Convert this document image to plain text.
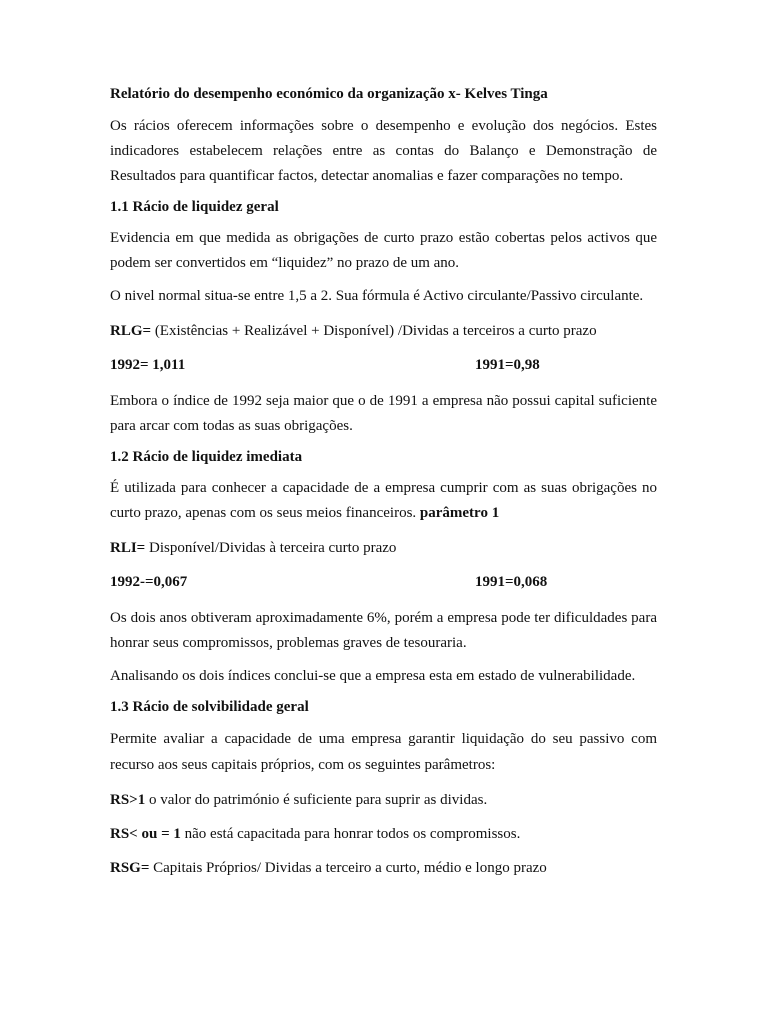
Relatório do desempenho económico da organização x- Kelves Tinga

Os rácios oferecem informações sobre o desempenho e evolução dos negócios. Estes indicadores estabelecem relações entre as contas do Balanço e Demonstração de Resultados para quantificar factos, detectar anomalias e fazer comparações no tempo.

1.1 Rácio de liquidez geral

Evidencia em que medida as obrigações de curto prazo estão cobertas pelos activos que podem ser convertidos em “liquidez” no prazo de um ano.

O nivel normal situa-se entre 1,5 a 2. Sua fórmula é Activo circulante/Passivo circulante.

RLG= (Existências + Realizável + Disponível) /Dividas a terceiros a curto prazo
1992= 1,011	1991=0,98

Embora o índice de 1992 seja maior que o de 1991 a empresa não possui capital suficiente para arcar com todas as suas obrigações.

1.2 Rácio de liquidez imediata

É utilizada para conhecer a capacidade de a empresa cumprir com as suas obrigações no curto prazo, apenas com os seus meios financeiros. parâmetro 1

RLI= Disponível/Dividas à terceira curto prazo
1992-=0,067	1991=0,068

Os dois anos obtiveram aproximadamente 6%, porém a empresa pode ter dificuldades para honrar seus compromissos, problemas graves de tesouraria.

Analisando os dois índices conclui-se que a empresa esta em estado de vulnerabilidade.

1.3 Rácio de solvibilidade geral

Permite avaliar a capacidade de uma empresa garantir liquidação do seu passivo com recurso aos seus capitais próprios, com os seguintes parâmetros:

RS>1 o valor do património é suficiente para suprir as dividas.
RS< ou = 1 não está capacitada para honrar todos os compromissos.
RSG= Capitais Próprios/ Dividas a terceiro a curto, médio e longo prazo
